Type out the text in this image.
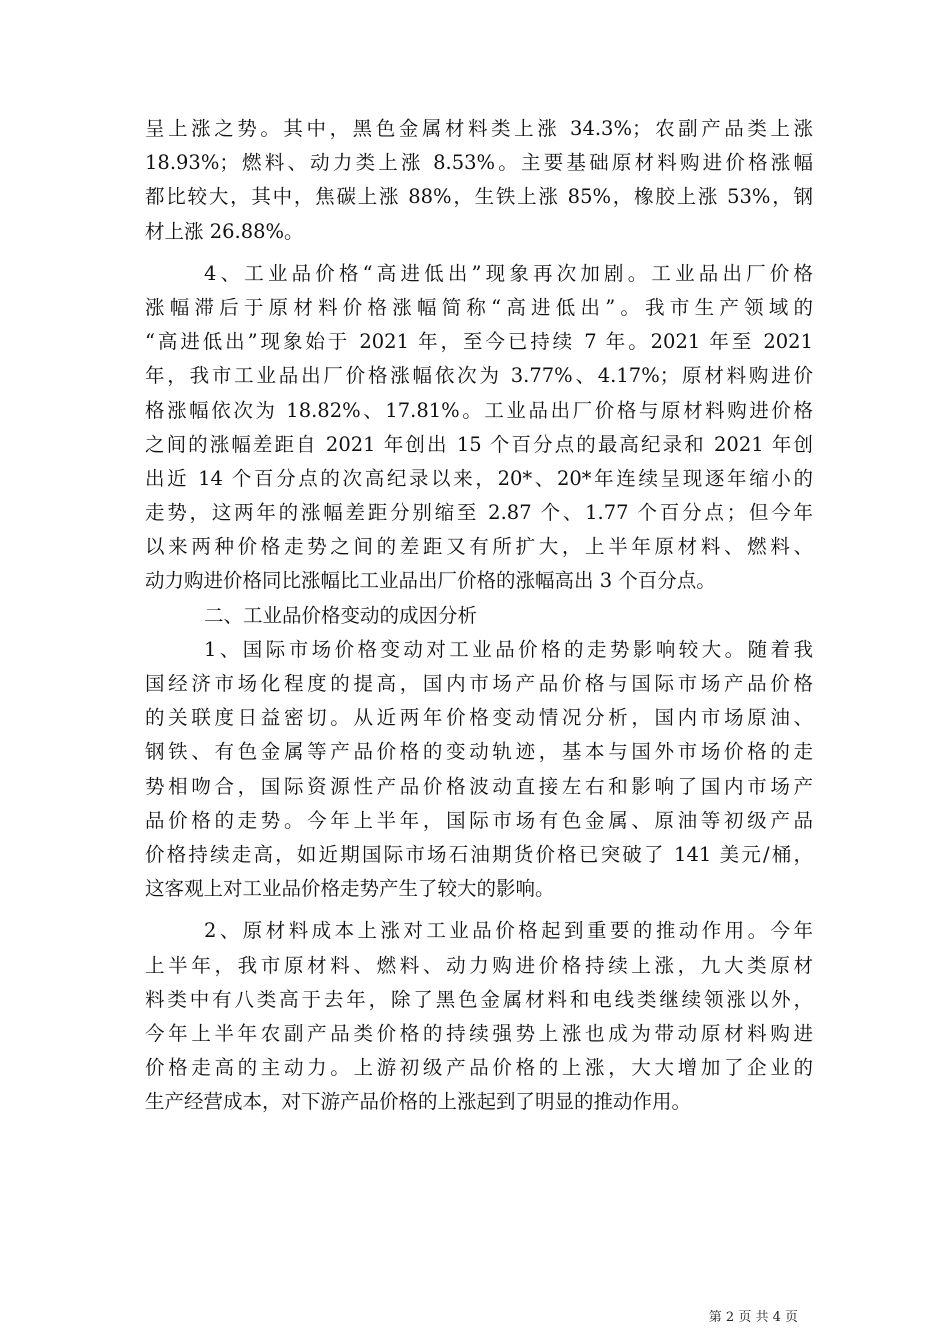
呈上涨之势。其中，黑色金属材料类上涨 34.3%；农副产品类上涨
18.93%；燃料、动力类上涨 8.53%。主要基础原材料购进价格涨幅
都比较大，其中，焦碳上涨 88%，生铁上涨 85%，橡胶上涨 53%，钢
材上涨 26.88%。
4、工业品价格“高进低出”现象再次加剧。工业品出厂价格
涨幅滞后于原材料价格涨幅简称“高进低出”。我市生产领域的
“高进低出”现象始于 2021 年，至今已持续 7 年。2021 年至 2021
年，我市工业品出厂价格涨幅依次为 3.77%、4.17%；原材料购进价
格涨幅依次为 18.82%、17.81%。工业品出厂价格与原材料购进价格
之间的涨幅差距自 2021 年创出 15 个百分点的最高纪录和 2021 年创
出近 14 个百分点的次高纪录以来，20*、20*年连续呈现逐年缩小的
走势，这两年的涨幅差距分别缩至 2.87 个、1.77 个百分点；但今年
以来两种价格走势之间的差距又有所扩大，上半年原材料、燃料、
动力购进价格同比涨幅比工业品出厂价格的涨幅高出 3 个百分点。
二、工业品价格变动的成因分析
1、国际市场价格变动对工业品价格的走势影响较大。随着我
国经济市场化程度的提高，国内市场产品价格与国际市场产品价格
的关联度日益密切。从近两年价格变动情况分析，国内市场原油、
钢铁、有色金属等产品价格的变动轨迹，基本与国外市场价格的走
势相吻合，国际资源性产品价格波动直接左右和影响了国内市场产
品价格的走势。今年上半年，国际市场有色金属、原油等初级产品
价格持续走高，如近期国际市场石油期货价格已突破了 141 美元/桶，
这客观上对工业品价格走势产生了较大的影响。
2、原材料成本上涨对工业品价格起到重要的推动作用。今年
上半年，我市原材料、燃料、动力购进价格持续上涨，九大类原材
料类中有八类高于去年，除了黑色金属材料和电线类继续领涨以外，
今年上半年农副产品类价格的持续强势上涨也成为带动原材料购进
价格走高的主动力。上游初级产品价格的上涨，大大增加了企业的
生产经营成本，对下游产品价格的上涨起到了明显的推动作用。
第 2 页 共 4 页
